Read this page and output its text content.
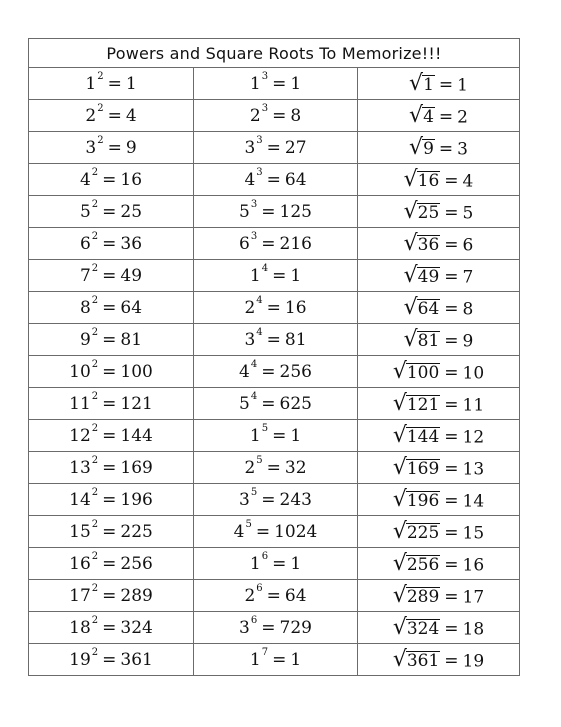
Powers and Square Roots To Memorize!!!		
$1^2 = 1$	$1^3 = 1$	√ 1 = 1
$2^2 = 4$	$2^3 = 8$	√ 4 = 2
$3^2 = 9$	$3^3 = 27$	√ 9 = 3
$4^2 = 16$	$4^3 = 64$	√ 16 = 4
$5^2 = 25$	$5^3 = 125$	√ 25 = 5
$6^2 = 36$	$6^3 = 216$	√ 36 = 6
$7^2 = 49$	$1^4 = 1$	√ 49 = 7
$8^2 = 64$	$2^4 = 16$	√ 64 = 8
$9^2 = 81$	$3^4 = 81$	√ 81 = 9
$10^2 = 100$	$4^4 = 256$	√ 100 = 10
$11^2 = 121$	$5^4 = 625$	√ 121 = 11
$12^2 = 144$	$1^5 = 1$	√ 144 = 12
$13^2 = 169$	$2^5 = 32$	√ 169 = 13
$14^2 = 196$	$3^5 = 243$	√ 196 = 14
$15^2 = 225$	$4^5 = 1024$	√ 225 = 15
$16^2 = 256$	$1^6 = 1$	√ 256 = 16
$17^2 = 289$	$2^6 = 64$	√ 289 = 17
$18^2 = 324$	$3^6 = 729$	√ 324 = 18
$19^2 = 361$	$1^7 = 1$	√ 361 = 19
